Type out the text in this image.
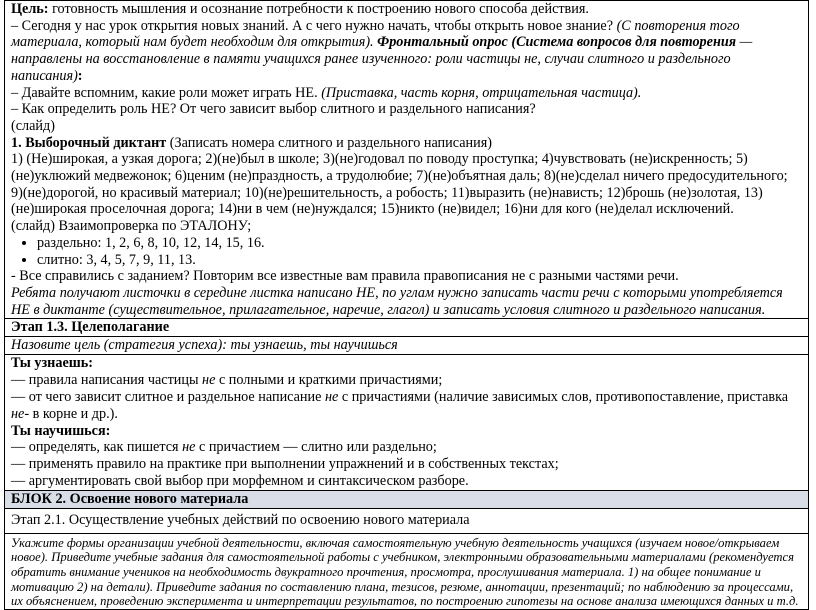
Цель: готовность мышления и осознание потребности к построению нового способа действия.

– Сегодня у нас урок открытия новых знаний. А с чего нужно начать, чтобы открыть новое знание? (С повторения того материала, который нам будет необходим для открытия). Фронтальный опрос (Система вопросов для повторения — направлены на восстановление в памяти учащихся ранее изученного: роли частицы не, случаи слитного и раздельного написания):

– Давайте вспомним, какие роли может играть НЕ. (Приставка, часть корня, отрицательная частица).

– Как определить роль НЕ? От чего зависит выбор слитного и раздельного написания?

(слайд)

1. Выборочный диктант (Записать номера слитного и раздельного написания)

1) (Не)широкая, а узкая дорога; 2)(не)был в школе; 3)(не)годовал по поводу проступка; 4)чувствовать (не)искренность; 5)(не)уклюжий медвежонок; 6)ценим (не)праздность, а трудолюбие; 7)(не)объятная даль; 8)(не)сделал ничего предосудительного; 9)(не)дорогой, но красивый материал; 10)(не)решительность, а робость; 11)выразить (не)нависть; 12)брошь (не)золотая, 13)(не)широкая проселочная дорога; 14)ни в чем (не)нуждался; 15)никто (не)видел; 16)ни для кого (не)делал исключений.

(слайд) Взаимопроверка по ЭТАЛОНУ;

• раздельно: 1, 2, 6, 8, 10, 12, 14, 15, 16.
• слитно: 3, 4, 5, 7, 9, 11, 13.

- Все справились с заданием? Повторим все известные вам правила правописания не с разными частями речи.

Ребята получают листочки в середине листка написано НЕ, по углам нужно записать части речи с которыми употребляется НЕ в диктанте (существительное, прилагательное, наречие, глагол) и записать условия слитного и раздельного написания.

Этап 1.3. Целеполагание
Назовите цель (стратегия успеха): ты узнаешь, ты научишься

Ты узнаешь:

— правила написания частицы не с полными и краткими причастиями;

— от чего зависит слитное и раздельное написание не с причастиями (наличие зависимых слов, противопоставление, приставка не- в корне и др.).

Ты научишься:

— определять, как пишется не с причастием — слитно или раздельно;

— применять правило на практике при выполнении упражнений и в собственных текстах;

— аргументировать свой выбор при морфемном и синтаксическом разборе.

БЛОК 2. Освоение нового материала
Этап 2.1. Осуществление учебных действий по освоению нового материала
Укажите формы организации учебной деятельности, включая самостоятельную учебную деятельность учащихся (изучаем новое/открываем новое). Приведите учебные задания для самостоятельной работы с учебником, электронными образовательными материалами (рекомендуется обратить внимание учеников на необходимость двукратного прочтения, просмотра, прослушивания материала. 1) на общее понимание и мотивацию 2) на детали). Приведите задания по составлению плана, тезисов, резюме, аннотации, презентаций; по наблюдению за процессами, их объяснением, проведению эксперимента и интерпретации результатов, по построению гипотезы на основе анализа имеющихся данных и т.д.
